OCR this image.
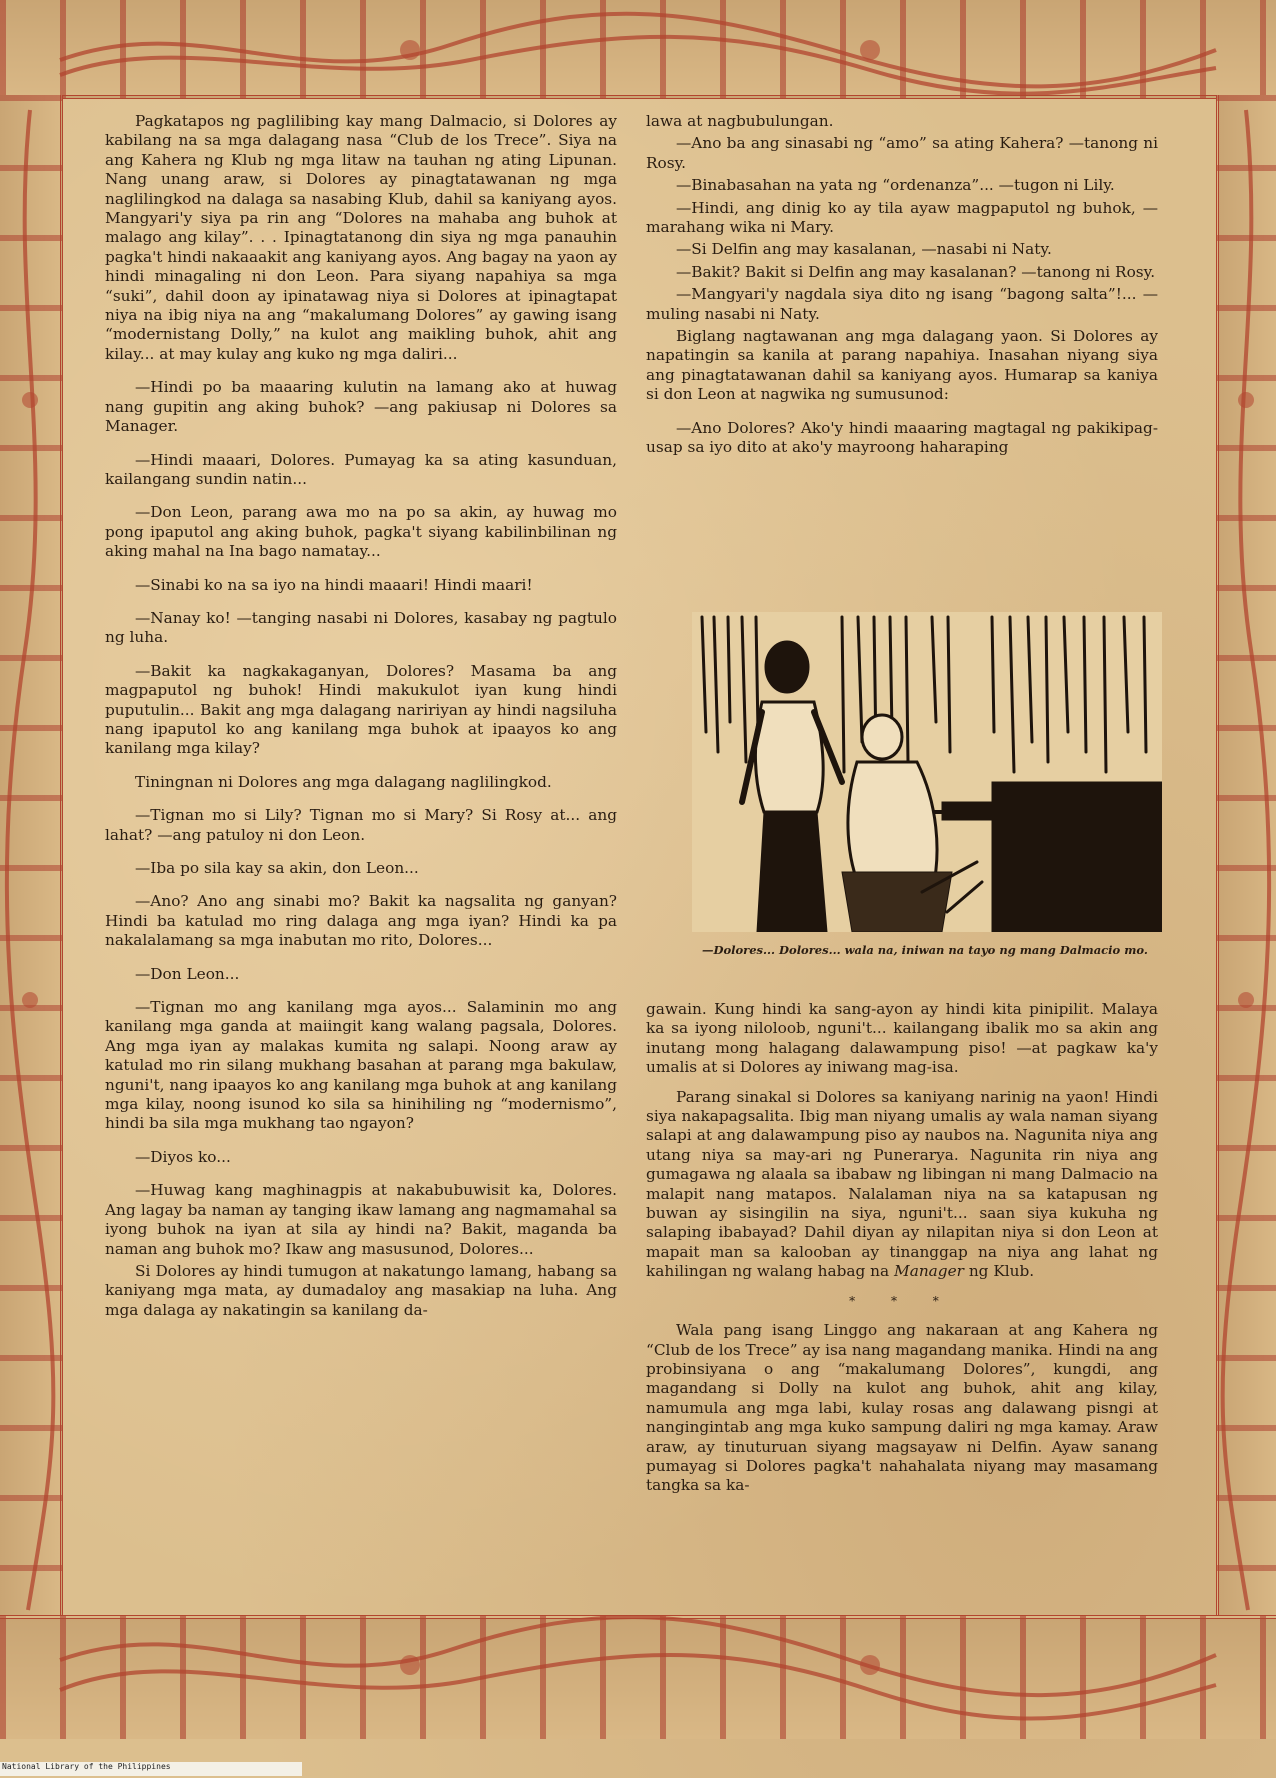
Pagkatapos ng paglilibing kay mang Dalmacio, si Dolores ay kabilang na sa mga dalagang nasa “Club de los Trece”. Siya na ang Kahera ng Klub ng mga litaw na tauhan ng ating Lipunan. Nang unang araw, si Dolores ay pinagtatawanan ng mga naglilingkod na dalaga sa nasabing Klub, dahil sa kaniyang ayos. Mangyari'y siya pa rin ang “Dolores na mahaba ang buhok at malago ang kilay”. . . Ipinagtatanong din siya ng mga panauhin pagka't hindi nakaaakit ang kaniyang ayos. Ang bagay na yaon ay hindi minagaling ni don Leon. Para siyang napahiya sa mga “suki”, dahil doon ay ipinatawag niya si Dolores at ipinagtapat niya na ibig niya na ang “makalumang Dolores” ay gawing isang “modernistang Dolly,” na kulot ang maikling buhok, ahit ang kilay... at may kulay ang kuko ng mga daliri...

—Hindi po ba maaaring kulutin na lamang ako at huwag nang gupitin ang aking buhok? —ang pakiusap ni Dolores sa Manager.

—Hindi maaari, Dolores. Pumayag ka sa ating kasunduan, kailangang sundin natin...

—Don Leon, parang awa mo na po sa akin, ay huwag mo pong ipaputol ang aking buhok, pagka't siyang kabilinbilinan ng aking mahal na Ina bago namatay...

—Sinabi ko na sa iyo na hindi maaari! Hindi maari!

—Nanay ko! —tanging nasabi ni Dolores, kasabay ng pagtulo ng luha.

—Bakit ka nagkakaganyan, Dolores? Masama ba ang magpaputol ng buhok! Hindi makukulot iyan kung hindi puputulin... Bakit ang mga dalagang naririyan ay hindi nagsiluha nang ipaputol ko ang kanilang mga buhok at ipaayos ko ang kanilang mga kilay?

Tiningnan ni Dolores ang mga dalagang naglilingkod.

—Tignan mo si Lily? Tignan mo si Mary? Si Rosy at... ang lahat? —ang patuloy ni don Leon.

—Iba po sila kay sa akin, don Leon...

—Ano? Ano ang sinabi mo? Bakit ka nagsalita ng ganyan? Hindi ba katulad mo ring dalaga ang mga iyan? Hindi ka pa nakalalamang sa mga inabutan mo rito, Dolores...

—Don Leon...

—Tignan mo ang kanilang mga ayos... Salaminin mo ang kanilang mga ganda at maiingit kang walang pagsala, Dolores. Ang mga iyan ay malakas kumita ng salapi. Noong araw ay katulad mo rin silang mukhang basahan at parang mga bakulaw, nguni't, nang ipaayos ko ang kanilang mga buhok at ang kanilang mga kilay, noong isunod ko sila sa hinihiling ng “modernismo”, hindi ba sila mga mukhang tao ngayon?

—Diyos ko...

—Huwag kang maghinagpis at nakabubuwisit ka, Dolores. Ang lagay ba naman ay tanging ikaw lamang ang nagmamahal sa iyong buhok na iyan at sila ay hindi na? Bakit, maganda ba naman ang buhok mo? Ikaw ang masusunod, Dolores...

Si Dolores ay hindi tumugon at nakatungo lamang, habang sa kaniyang mga mata, ay dumadaloy ang masakiap na luha. Ang mga dalaga ay nakatingin sa kanilang da-

lawa at nagbubulungan.

—Ano ba ang sinasabi ng “amo” sa ating Kahera? —tanong ni Rosy.

—Binabasahan na yata ng “ordenanza”... —tugon ni Lily.

—Hindi, ang dinig ko ay tila ayaw magpaputol ng buhok, —marahang wika ni Mary.

—Si Delfin ang may kasalanan, —nasabi ni Naty.

—Bakit? Bakit si Delfin ang may kasalanan? —tanong ni Rosy.

—Mangyari'y nagdala siya dito ng isang “bagong salta”!... —muling nasabi ni Naty.

Biglang nagtawanan ang mga dalagang yaon. Si Dolores ay napatingin sa kanila at parang napahiya. Inasahan niyang siya ang pinagtatawanan dahil sa kaniyang ayos. Humarap sa kaniya si don Leon at nagwika ng sumusunod:

—Ano Dolores? Ako'y hindi maaaring magtagal ng pakikipag-usap sa iyo dito at ako'y mayroong haharaping

—Dolores... Dolores... wala na, iniwan na tayo ng mang Dalmacio mo.

gawain. Kung hindi ka sang-ayon ay hindi kita pinipilit. Malaya ka sa iyong niloloob, nguni't... kailangang ibalik mo sa akin ang inutang mong halagang dalawampung piso! —at pagkaw ka'y umalis at si Dolores ay iniwang mag-isa.

Parang sinakal si Dolores sa kaniyang narinig na yaon! Hindi siya nakapagsalita. Ibig man niyang umalis ay wala naman siyang salapi at ang dalawampung piso ay naubos na. Nagunita niya ang utang niya sa may-ari ng Punerarya. Nagunita rin niya ang gumagawa ng alaala sa ibabaw ng libingan ni mang Dalmacio na malapit nang matapos. Nalalaman niya na sa katapusan ng buwan ay sisingilin na siya, nguni't... saan siya kukuha ng salaping ibabayad? Dahil diyan ay nilapitan niya si don Leon at mapait man sa kalooban ay tinanggap na niya ang lahat ng kahilingan ng walang habag na Manager ng Klub.

* * *

Wala pang isang Linggo ang nakaraan at ang Kahera ng “Club de los Trece” ay isa nang magandang manika. Hindi na ang probinsiyana o ang “makalumang Dolores”, kungdi, ang magandang si Dolly na kulot ang buhok, ahit ang kilay, namumula ang mga labi, kulay rosas ang dalawang pisngi at nangingintab ang mga kuko sampung daliri ng mga kamay. Araw araw, ay tinuturuan siyang magsayaw ni Delfin. Ayaw sanang pumayag si Dolores pagka't nahahalata niyang may masamang tangka sa ka-

National Library of the Philippines
